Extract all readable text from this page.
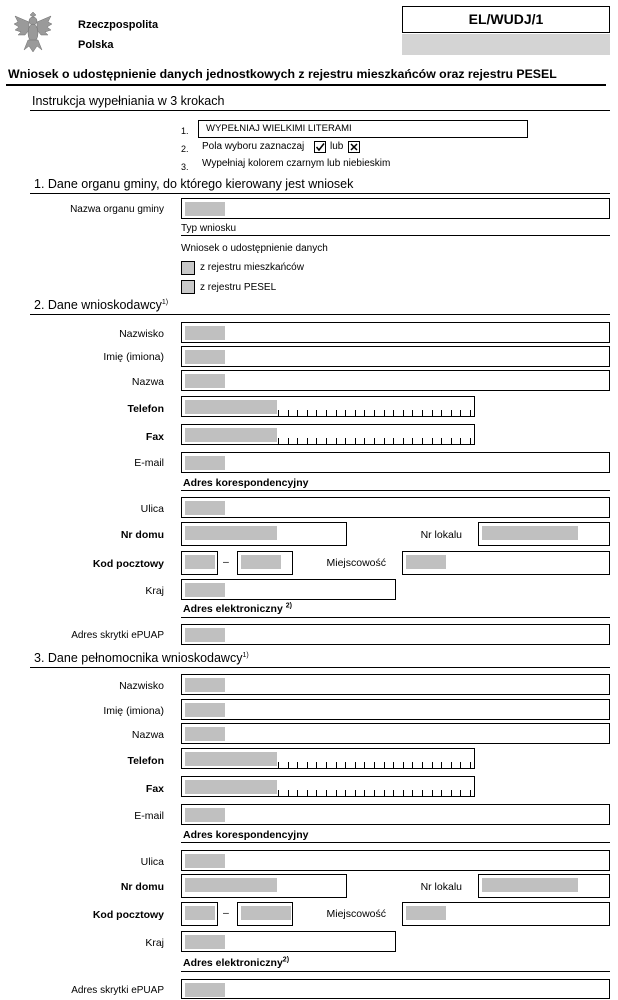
Rzeczpospolita
Polska
EL/WUDJ/1
Wniosek o udostępnienie danych jednostkowych z rejestru mieszkańców oraz rejestru PESEL
Instrukcja wypełniania w 3 krokach
1. WYPEŁNIAJ WIELKIMI LITERAMI
2. Pola wyboru zaznaczaj	lub
3. Wypełniaj kolorem czarnym lub niebieskim
1. Dane organu gminy, do którego kierowany jest wniosek
Nazwa organu gminy
Typ wniosku
Wniosek o udostępnienie danych
z rejestru mieszkańców
z rejestru PESEL
2. Dane wnioskodawcy$^{1)}$
Nazwisko
Imię (imiona)
Nazwa
Telefon
Fax
E-mail
Adres korespondencyjny
Ulica
Nr domu	Nr lokalu
Kod pocztowy	–	Miejscowość
Kraj
Adres elektroniczny $^{2)}$
Adres skrytki ePUAP
3. Dane pełnomocnika wnioskodawcy$^{1)}$
Nazwisko
Imię (imiona)
Nazwa
Telefon
Fax
E-mail
Adres korespondencyjny
Ulica
Nr domu	Nr lokalu
Kod pocztowy	–	Miejscowość
Kraj
Adres elektroniczny$^{2)}$
Adres skrytki ePUAP
